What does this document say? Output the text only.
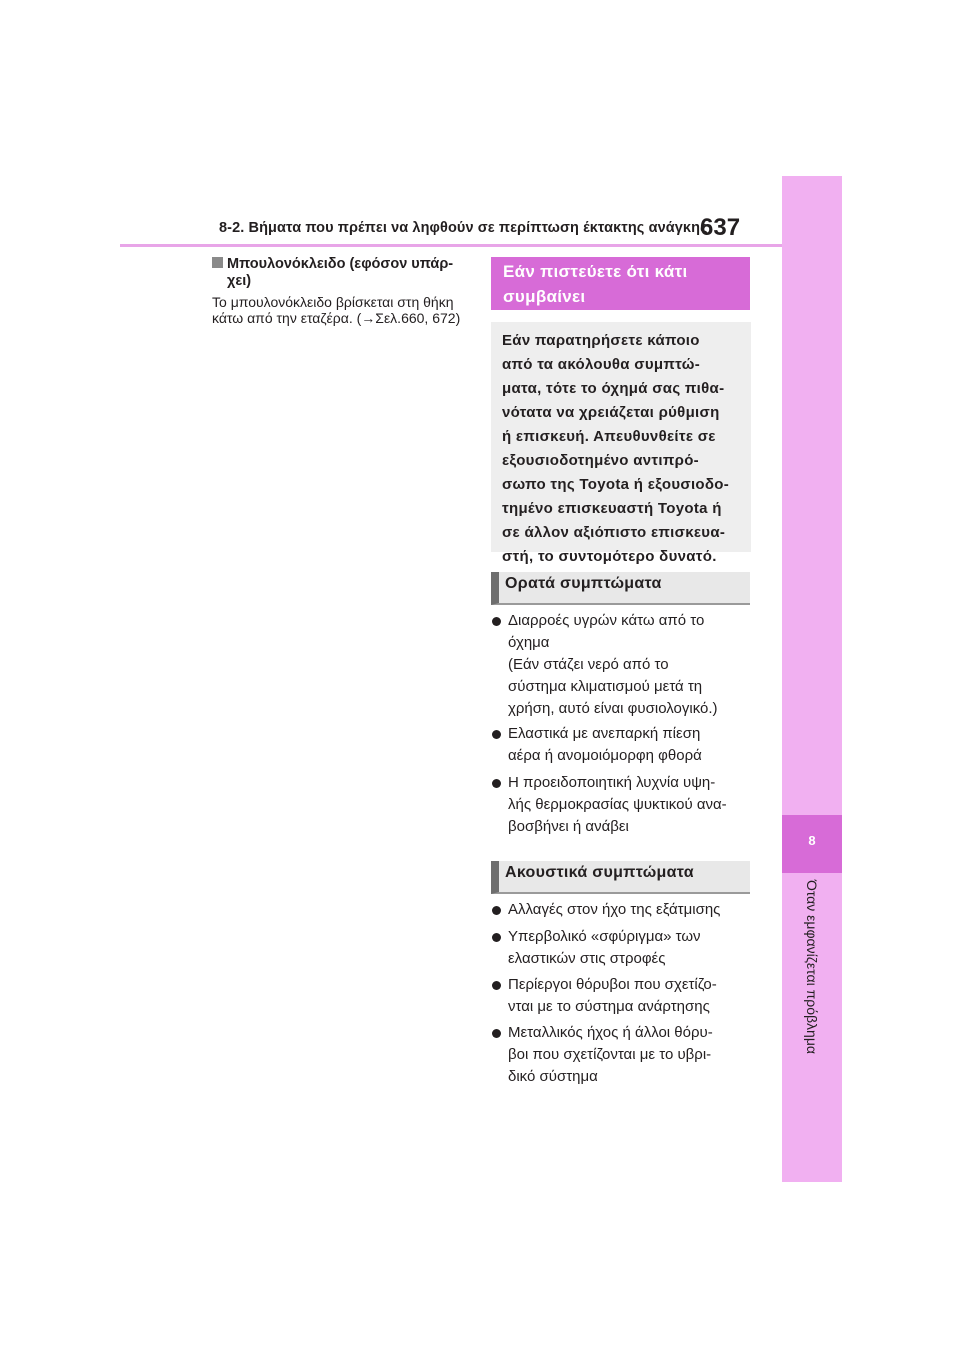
8-2. Βήματα που πρέπει να ληφθούν σε περίπτωση έκτακτης ανάγκης
637
8
Όταν εμφανίζεται πρόβλημα
Μπουλονόκλειδο (εφόσον υπάρ-
χει)
Το μπουλονόκλειδο βρίσκεται στη θήκη
κάτω από την εταζέρα. (→Σελ.660, 672)
Εάν πιστεύετε ότι κάτι
συμβαίνει
Εάν παρατηρήσετε κάποιο
από τα ακόλουθα συμπτώ-
ματα, τότε το όχημά σας πιθα-
νότατα να χρειάζεται ρύθμιση
ή επισκευή. Απευθυνθείτε σε
εξουσιοδοτημένο αντιπρό-
σωπο της Toyota ή εξουσιοδο-
τημένο επισκευαστή Toyota ή
σε άλλον αξιόπιστο επισκευα-
στή, το συντομότερο δυνατό.
Ορατά συμπτώματα
Διαρροές υγρών κάτω από το
όχημα
(Εάν στάζει νερό από το
σύστημα κλιματισμού μετά τη
χρήση, αυτό είναι φυσιολογικό.)
Ελαστικά με ανεπαρκή πίεση
αέρα ή ανομοιόμορφη φθορά
Η προειδοποιητική λυχνία υψη-
λής θερμοκρασίας ψυκτικού ανα-
βοσβήνει ή ανάβει
Ακουστικά συμπτώματα
Αλλαγές στον ήχο της εξάτμισης
Υπερβολικό «σφύριγμα» των
ελαστικών στις στροφές
Περίεργοι θόρυβοι που σχετίζο-
νται με το σύστημα ανάρτησης
Μεταλλικός ήχος ή άλλοι θόρυ-
βοι που σχετίζονται με το υβρι-
δικό σύστημα
